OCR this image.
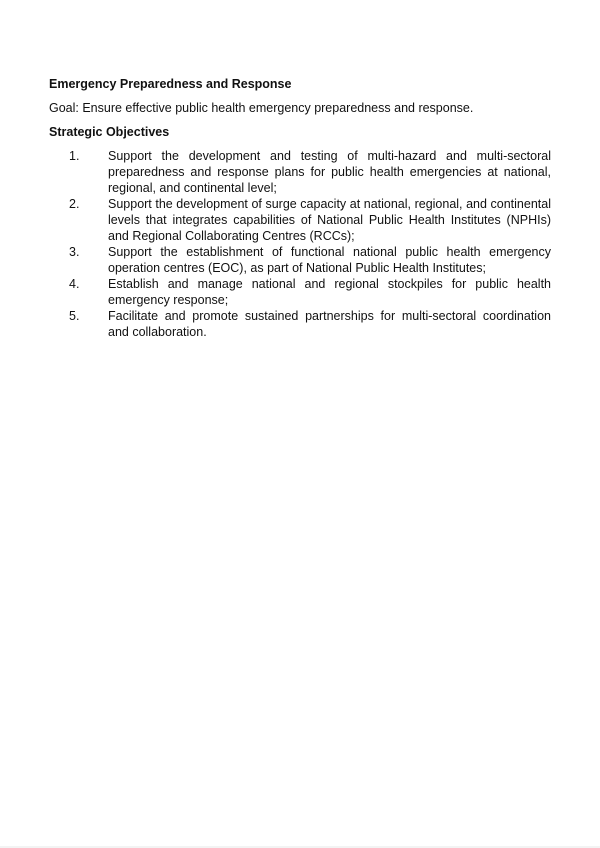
Emergency Preparedness and Response
Goal: Ensure effective public health emergency preparedness and response.
Strategic Objectives
1.	Support the development and testing of multi-hazard and multi-sectoral preparedness and response plans for public health emergencies at national, regional, and continental level;
2.	Support the development of surge capacity at national, regional, and continental levels that integrates capabilities of National Public Health Institutes (NPHIs) and Regional Collaborating Centres (RCCs);
3.	Support the establishment of functional national public health emergency operation centres (EOC), as part of National Public Health Institutes;
4.	Establish and manage national and regional stockpiles for public health emergency response;
5.	Facilitate and promote sustained partnerships for multi-sectoral coordination and collaboration.
